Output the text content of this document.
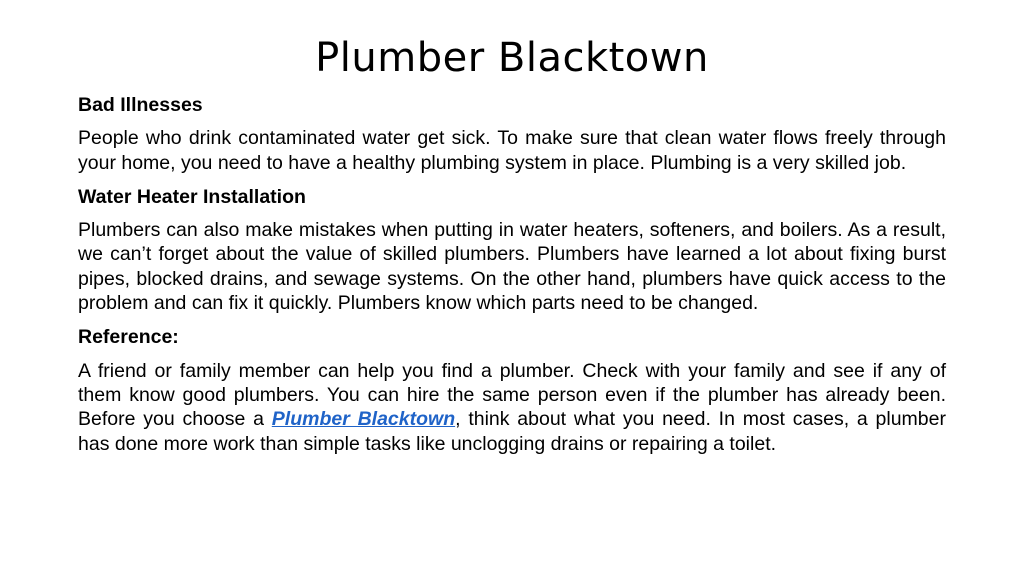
Plumber Blacktown
Bad Illnesses
People who drink contaminated water get sick. To make sure that clean water flows freely through your home, you need to have a healthy plumbing system in place. Plumbing is a very skilled job.
Water Heater Installation
Plumbers can also make mistakes when putting in water heaters, softeners, and boilers. As a result, we can’t forget about the value of skilled plumbers. Plumbers have learned a lot about fixing burst pipes, blocked drains, and sewage systems. On the other hand, plumbers have quick access to the problem and can fix it quickly. Plumbers know which parts need to be changed.
Reference:
A friend or family member can help you find a plumber. Check with your family and see if any of them know good plumbers. You can hire the same person even if the plumber has already been. Before you choose a Plumber Blacktown, think about what you need. In most cases, a plumber has done more work than simple tasks like unclogging drains or repairing a toilet.
